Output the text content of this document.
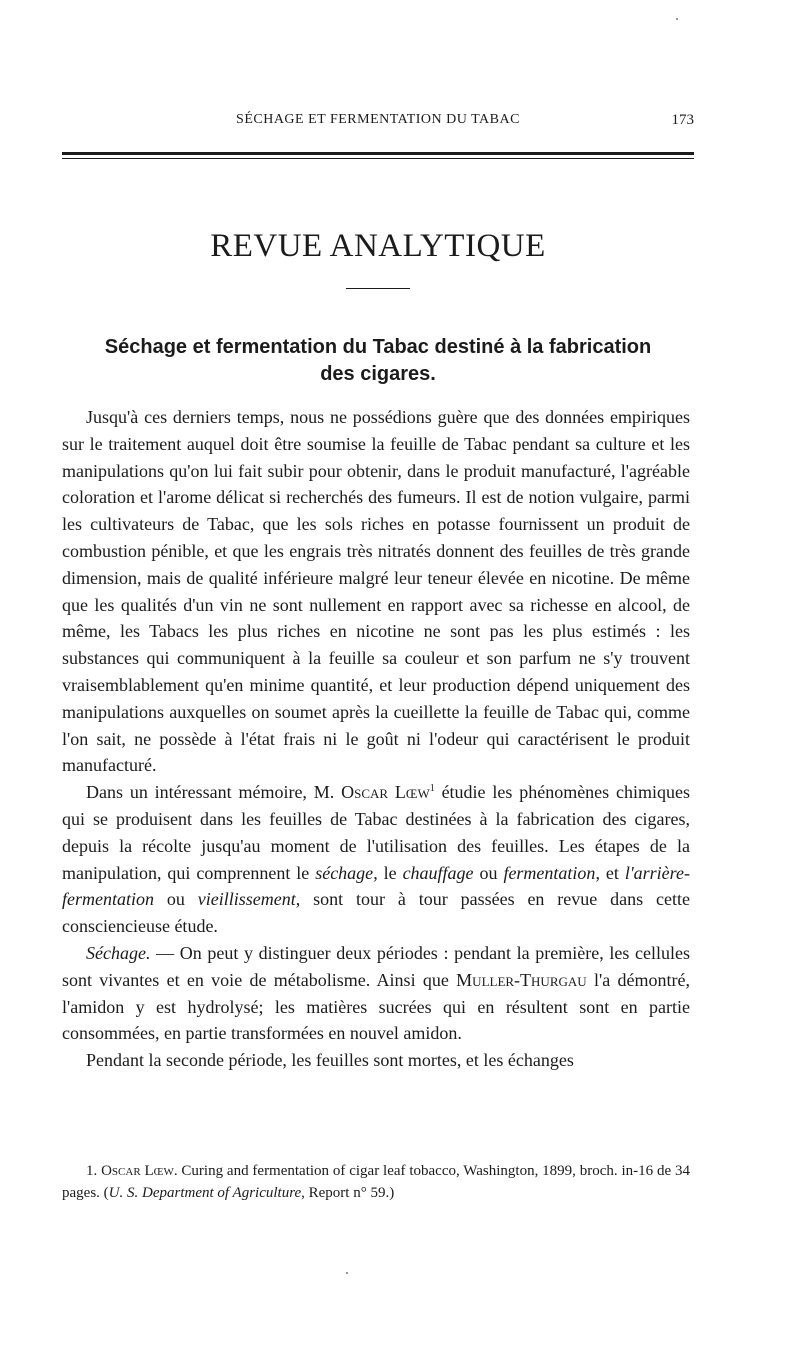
SÉCHAGE ET FERMENTATION DU TABAC	173
REVUE ANALYTIQUE
Séchage et fermentation du Tabac destiné à la fabrication
des cigares.

Jusqu'à ces derniers temps, nous ne possédions guère que des données empiriques sur le traitement auquel doit être soumise la feuille de Tabac pendant sa culture et les manipulations qu'on lui fait subir pour obtenir, dans le produit manufacturé, l'agréable coloration et l'arome délicat si recherchés des fumeurs. Il est de notion vulgaire, parmi les cultivateurs de Tabac, que les sols riches en potasse fournissent un produit de combustion pénible, et que les engrais très nitratés donnent des feuilles de très grande dimension, mais de qualité inférieure malgré leur teneur élevée en nicotine. De même que les qualités d'un vin ne sont nullement en rapport avec sa richesse en alcool, de même, les Tabacs les plus riches en nicotine ne sont pas les plus estimés : les substances qui communiquent à la feuille sa couleur et son parfum ne s'y trouvent vraisemblablement qu'en minime quantité, et leur production dépend uniquement des manipulations auxquelles on soumet après la cueillette la feuille de Tabac qui, comme l'on sait, ne possède à l'état frais ni le goût ni l'odeur qui caractérisent le produit manufacturé.

Dans un intéressant mémoire, M. Oscar Lœw$^1$ étudie les phénomènes chimiques qui se produisent dans les feuilles de Tabac destinées à la fabrication des cigares, depuis la récolte jusqu'au moment de l'utilisation des feuilles. Les étapes de la manipulation, qui comprennent le séchage, le chauffage ou fermentation, et l'arrière-fermentation ou vieillissement, sont tour à tour passées en revue dans cette consciencieuse étude.

Séchage. — On peut y distinguer deux périodes : pendant la première, les cellules sont vivantes et en voie de métabolisme. Ainsi que Muller-Thurgau l'a démontré, l'amidon y est hydrolysé; les matières sucrées qui en résultent sont en partie consommées, en partie transformées en nouvel amidon.

Pendant la seconde période, les feuilles sont mortes, et les échanges

1. Oscar Lœw. Curing and fermentation of cigar leaf tobacco, Washington, 1899, broch. in-16 de 34 pages. (U. S. Department of Agriculture, Report n° 59.)
